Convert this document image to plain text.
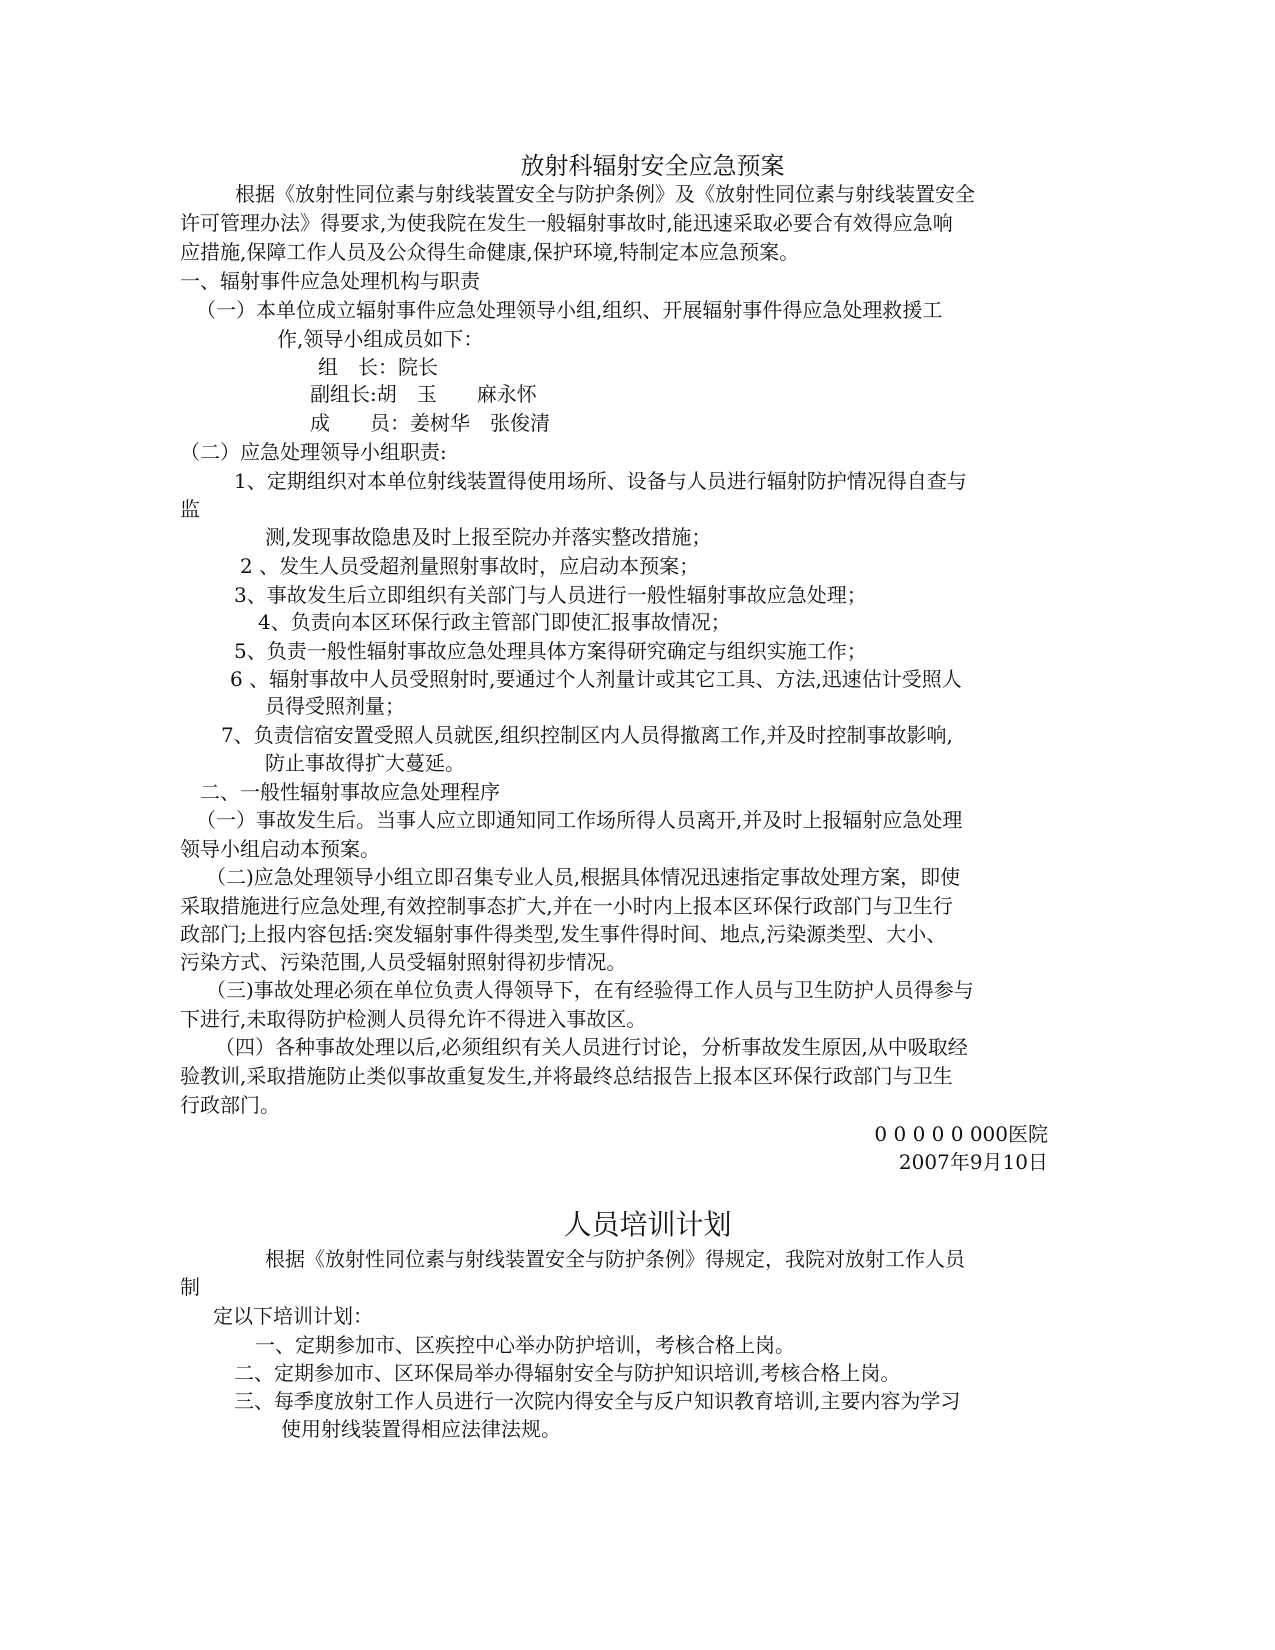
放射科辐射安全应急预案
根据《放射性同位素与射线装置安全与防护条例》及《放射性同位素与射线装置安全
许可管理办法》得要求,为使我院在发生一般辐射事故时,能迅速采取必要合有效得应急响
应措施,保障工作人员及公众得生命健康,保护环境,特制定本应急预案。
一、辐射事件应急处理机构与职责
（一）本单位成立辐射事件应急处理领导小组,组织、开展辐射事件得应急处理救援工
作,领导小组成员如下：
组　长：院长
副组长:胡　玉　　麻永怀
成　　员：姜树华　张俊清
（二）应急处理领导小组职责:
1、定期组织对本单位射线装置得使用场所、设备与人员进行辐射防护情况得自查与
监
测,发现事故隐患及时上报至院办并落实整改措施；
2 、发生人员受超剂量照射事故时，应启动本预案；
3、事故发生后立即组织有关部门与人员进行一般性辐射事故应急处理；
4、负责向本区环保行政主管部门即使汇报事故情况；
5、负责一般性辐射事故应急处理具体方案得研究确定与组织实施工作；
6 、辐射事故中人员受照射时,要通过个人剂量计或其它工具、方法,迅速估计受照人
员得受照剂量；
7、负责信宿安置受照人员就医,组织控制区内人员得撤离工作,并及时控制事故影响,
防止事故得扩大蔓延。
二、一般性辐射事故应急处理程序
（一）事故发生后。当事人应立即通知同工作场所得人员离开,并及时上报辐射应急处理
领导小组启动本预案。
（二)应急处理领导小组立即召集专业人员,根据具体情况迅速指定事故处理方案，即使
采取措施进行应急处理,有效控制事态扩大,并在一小时内上报本区环保行政部门与卫生行
政部门;上报内容包括:突发辐射事件得类型,发生事件得时间、地点,污染源类型、大小、
污染方式、污染范围,人员受辐射照射得初步情况。
（三)事故处理必须在单位负责人得领导下，在有经验得工作人员与卫生防护人员得参与
下进行,未取得防护检测人员得允许不得进入事故区。
（四）各种事故处理以后,必须组织有关人员进行讨论，分析事故发生原因,从中吸取经
验教训,采取措施防止类似事故重复发生,并将最终总结报告上报本区环保行政部门与卫生
行政部门。
0 0 0 0 0 000医院
2007年9月10日
人员培训计划
根据《放射性同位素与射线装置安全与防护条例》得规定，我院对放射工作人员
制
定以下培训计划：
一、定期参加市、区疾控中心举办防护培训，考核合格上岗。
二、定期参加市、区环保局举办得辐射安全与防护知识培训,考核合格上岗。
三、每季度放射工作人员进行一次院内得安全与反户知识教育培训,主要内容为学习
使用射线装置得相应法律法规。
